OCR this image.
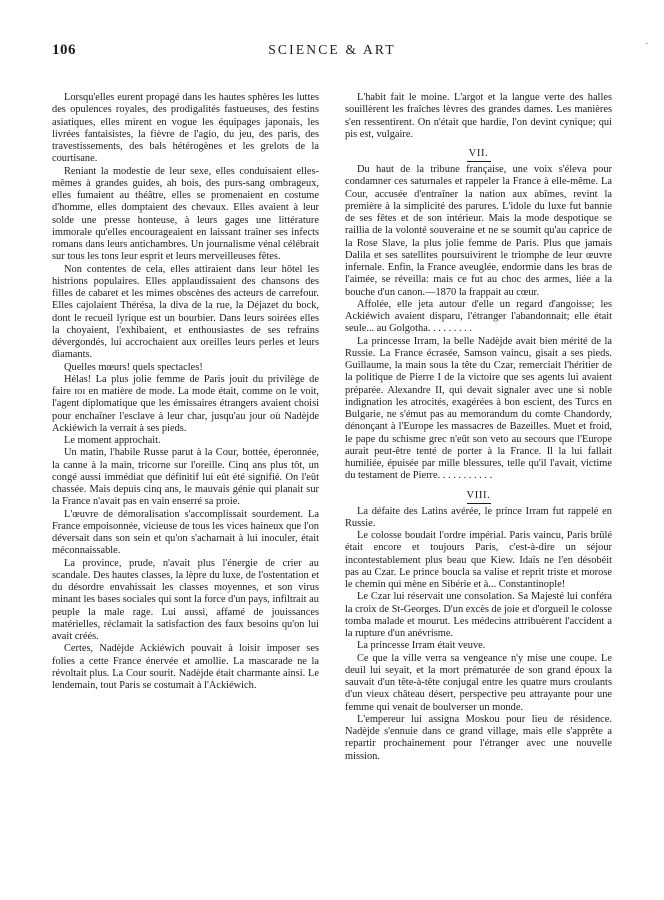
.
106	SCIENCE & ART

Lorsqu'elles eurent propagé dans les hautes sphères les luttes des opulences royales, des prodigalités fastueuses, des festins asiatiques, elles mirent en vogue les équipages japonais, les livrées fantaisistes, la fièvre de l'agio, du jeu, des paris, des travestissements, des bals hétérogènes et les grelots de la courtisane.

Reniant la modestie de leur sexe, elles conduisaient elles-mêmes à grandes guides, ah bois, des purs-sang ombrageux, elles fumaient au théâtre, elles se promenaient en costume d'homme, elles domptaient des chevaux. Elles avaient à leur solde une presse honteuse, à leurs gages une littérature immorale qu'elles encourageaient en laissant traîner ses infects romans dans leurs antichambres. Un journalisme vénal célébrait sur tous les tons leur esprit et leurs merveilleuses fêtes.

Non contentes de cela, elles attiraient dans leur hôtel les histrions populaires. Elles applaudissaient des chansons des filles de cabaret et les mimes obscènes des acteurs de carrefour. Elles cajolaient Thérésa, la diva de la rue, la Déjazet du bock, dont le recueil lyrique est un bourbier. Dans leurs soirées elles la choyaient, l'exhibaient, et enthousiastes de ses refrains dévergondés, lui accrochaient aux oreilles leurs perles et leurs diamants.

Quelles mœurs! quels spectacles!

Hélas! La plus jolie femme de Paris jouit du privilège de faire ɪoɪ en matière de mode. La mode était, comme on le voit, l'agent diplomatique que les émissaires étrangers avaient choisi pour enchaîner l'esclave à leur char, jusqu'au jour où Nadèjde Ackiéwich la verrait à ses pieds.

Le moment approchait.

Un matin, l'habile Russe parut à la Cour, bottée, éperonnée, la canne à la main, tricorne sur l'oreille. Cinq ans plus tôt, un congé aussi immédiat que définitif lui eût été signifié. On l'eût chassée. Mais depuis cinq ans, le mauvais génie qui planait sur la France n'avait pas en vain enserré sa proie.

L'œuvre de démoralisation s'accomplissait sourdement. La France empoisonnée, vicieuse de tous les vices haineux que l'on déversait dans son sein et qu'on s'acharnait à lui inoculer, était méconnaissable.

La province, prude, n'avait plus l'énergie de crier au scandale. Des hautes classes, la lèpre du luxe, de l'ostentation et du désordre envahissait les classes moyennes, et son virus minant les bases sociales qui sont la force d'un pays, infiltrait au peuple la male rage. Lui aussi, affamé de jouissances matérielles, réclamait la satisfaction des faux besoins qu'on lui avait créés.

Certes, Nadèjde Ackiéwich pouvait à loisir imposer ses folies a cette France énervée et amollie. La mascarade ne la révoltait plus. La Cour sourit. Nadèjde était charmante ainsi. Le lendemain, tout Paris se costumait à l'Ackiéwich.

L'habit fait le moine. L'argot et la langue verte des halles souillèrent les fraîches lèvres des grandes dames. Les manières s'en ressentirent. On n'était que hardie, l'on devint cynique; qui pis est, vulgaire.

VII.

Du haut de la tribune française, une voix s'éleva pour condamner ces saturnales et rappeler la France à elle-même. La Cour, accusée d'entraîner la nation aux abîmes, revint la première à la simplicité des parures. L'idole du luxe fut bannie de ses fêtes et de son intérieur. Mais la mode despotique se raillia de la volonté souveraine et ne se soumit qu'au caprice de la Rose Slave, la plus jolie femme de Paris. Plus que jamais Dalila et ses satellites poursuivirent le triomphe de leur œuvre infernale. Enfin, la France aveuglée, endormie dans les bras de l'aimée, se réveilla: mais ce fut au choc des armes, liée a la bouche d'un canon.—1870 la frappait au cœur.

Affolée, elle jeta autour d'elle un regard d'angoisse; les Ackiéwich avaient disparu, l'étranger l'abandonnait; elle était seule... au Golgotha. . . . . . . . .

La princesse Irram, la belle Nadèjde avait bien mérité de la Russie. La France écrasée, Samson vaincu, gisait a ses pieds. Guillaume, la main sous la tête du Czar, remerciait l'héritier de la politique de Pierre I de la victoire que ses agents lui avaient préparée. Alexandre II, qui devait signaler avec une si noble indignation les atrocités, exagérées à bon escient, des Turcs en Bulgarie, ne s'émut pas au memorandum du comte Chandordy, dénonçant à l'Europe les massacres de Bazeilles. Muet et froid, le pape du schisme grec n'eût son veto au secours que l'Europe aurait peut-être tenté de porter à la France. Il la lui fallait humiliée, épuisée par mille blessures, telle qu'il l'avait, victime du testament de Pierre. . . . . . . . . . .

VIII.

La défaite des Latins avérée, le prince Irram fut rappelé en Russie.

Le colosse boudait l'ordre impérial. Paris vaincu, Paris brûlé était encore et toujours Paris, c'est-à-dire un séjour incontestablement plus beau que Kiew. Idaïs ne l'en désobéit pas au Czar. Le prince boucla sa valise et reprit triste et morose le chemin qui mène en Sibérie et à... Constantinople!

Le Czar lui réservait une consolation. Sa Majesté lui conféra la croix de St-Georges. D'un excès de joie et d'orgueil le colosse tomba malade et mourut. Les médecins attribuèrent l'accident a la rupture d'un anévrisme.

La princesse Irram était veuve.

Ce que la ville verra sa vengeance n'y mise une coupe. Le deuil lui seyait, et la mort prématurée de son grand époux la sauvait d'un tête-à-tête conjugal entre les quatre murs croulants d'un vieux château désert, perspective peu attrayante pour une femme qui venait de boulverser un monde.

L'empereur lui assigna Moskou pour lieu de résidence. Nadèjde s'ennuie dans ce grand village, mais elle s'apprête a repartir prochainement pour l'étranger avec une nouvelle mission.
